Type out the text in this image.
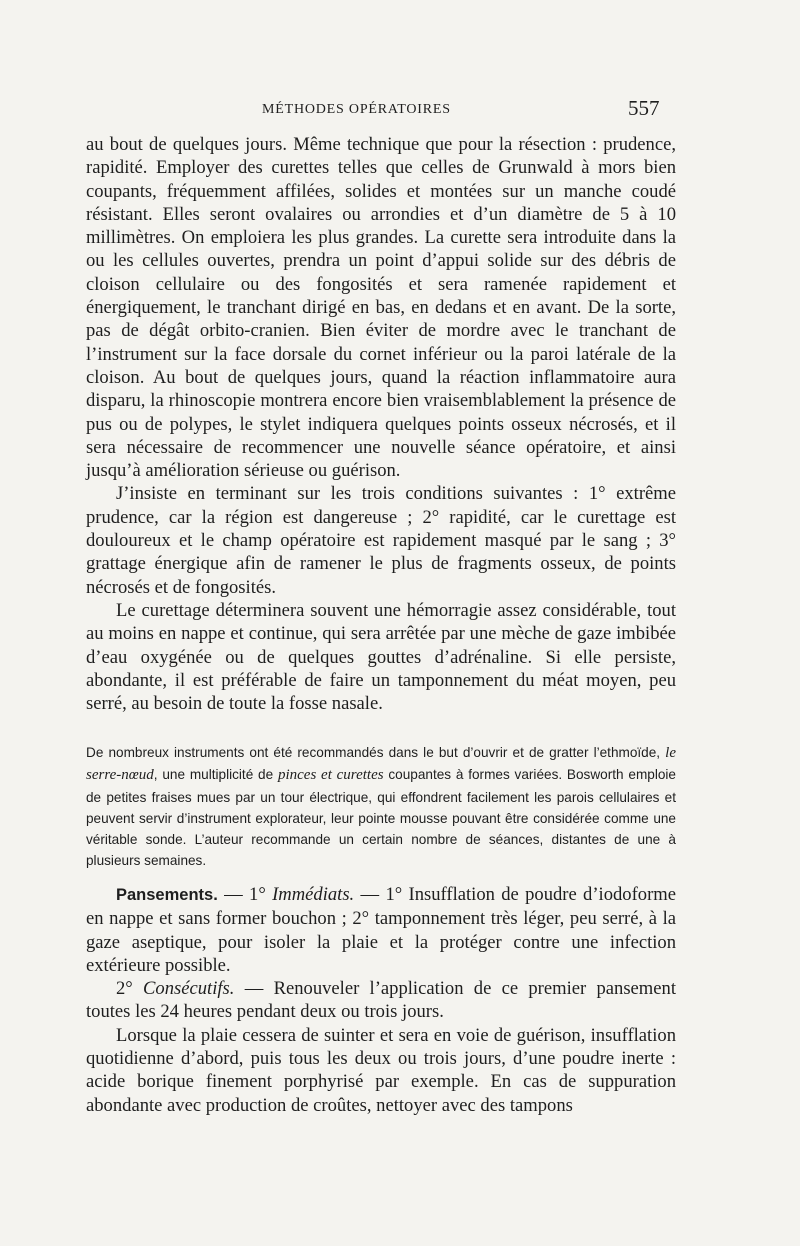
MÉTHODES OPÉRATOIRES	557

au bout de quelques jours. Même technique que pour la résection : prudence, rapidité. Employer des curettes telles que celles de Grunwald à mors bien coupants, fréquemment affilées, solides et montées sur un manche coudé résistant. Elles seront ovalaires ou arrondies et d’un diamètre de 5 à 10 millimètres. On emploiera les plus grandes. La curette sera introduite dans la ou les cellules ouvertes, prendra un point d’appui solide sur des débris de cloison cellulaire ou des fongosités et sera ramenée rapidement et énergiquement, le tranchant dirigé en bas, en dedans et en avant. De la sorte, pas de dégât orbito-cranien. Bien éviter de mordre avec le tranchant de l’instrument sur la face dorsale du cornet inférieur ou la paroi latérale de la cloison. Au bout de quelques jours, quand la réaction inflammatoire aura disparu, la rhinoscopie montrera encore bien vraisemblablement la présence de pus ou de polypes, le stylet indiquera quelques points osseux nécrosés, et il sera nécessaire de recommencer une nouvelle séance opératoire, et ainsi jusqu’à amélioration sérieuse ou guérison.

J’insiste en terminant sur les trois conditions suivantes : 1° extrême prudence, car la région est dangereuse ; 2° rapidité, car le curettage est douloureux et le champ opératoire est rapidement masqué par le sang ; 3° grattage énergique afin de ramener le plus de fragments osseux, de points nécrosés et de fongosités.

Le curettage déterminera souvent une hémorragie assez considérable, tout au moins en nappe et continue, qui sera arrêtée par une mèche de gaze imbibée d’eau oxygénée ou de quelques gouttes d’adrénaline. Si elle persiste, abondante, il est préférable de faire un tamponnement du méat moyen, peu serré, au besoin de toute la fosse nasale.

De nombreux instruments ont été recommandés dans le but d’ouvrir et de gratter l’ethmoïde, le serre-nœud, une multiplicité de pinces et curettes coupantes à formes variées. Bosworth emploie de petites fraises mues par un tour électrique, qui effondrent facilement les parois cellulaires et peuvent servir d’instrument explorateur, leur pointe mousse pouvant être considérée comme une véritable sonde. L’auteur recommande un certain nombre de séances, distantes de une à plusieurs semaines.

Pansements. — 1° Immédiats. — 1° Insufflation de poudre d’iodoforme en nappe et sans former bouchon ; 2° tamponnement très léger, peu serré, à la gaze aseptique, pour isoler la plaie et la protéger contre une infection extérieure possible.

2° Consécutifs. — Renouveler l’application de ce premier pansement toutes les 24 heures pendant deux ou trois jours.

Lorsque la plaie cessera de suinter et sera en voie de guérison, insufflation quotidienne d’abord, puis tous les deux ou trois jours, d’une poudre inerte : acide borique finement porphyrisé par exemple. En cas de suppuration abondante avec production de croûtes, nettoyer avec des tampons
